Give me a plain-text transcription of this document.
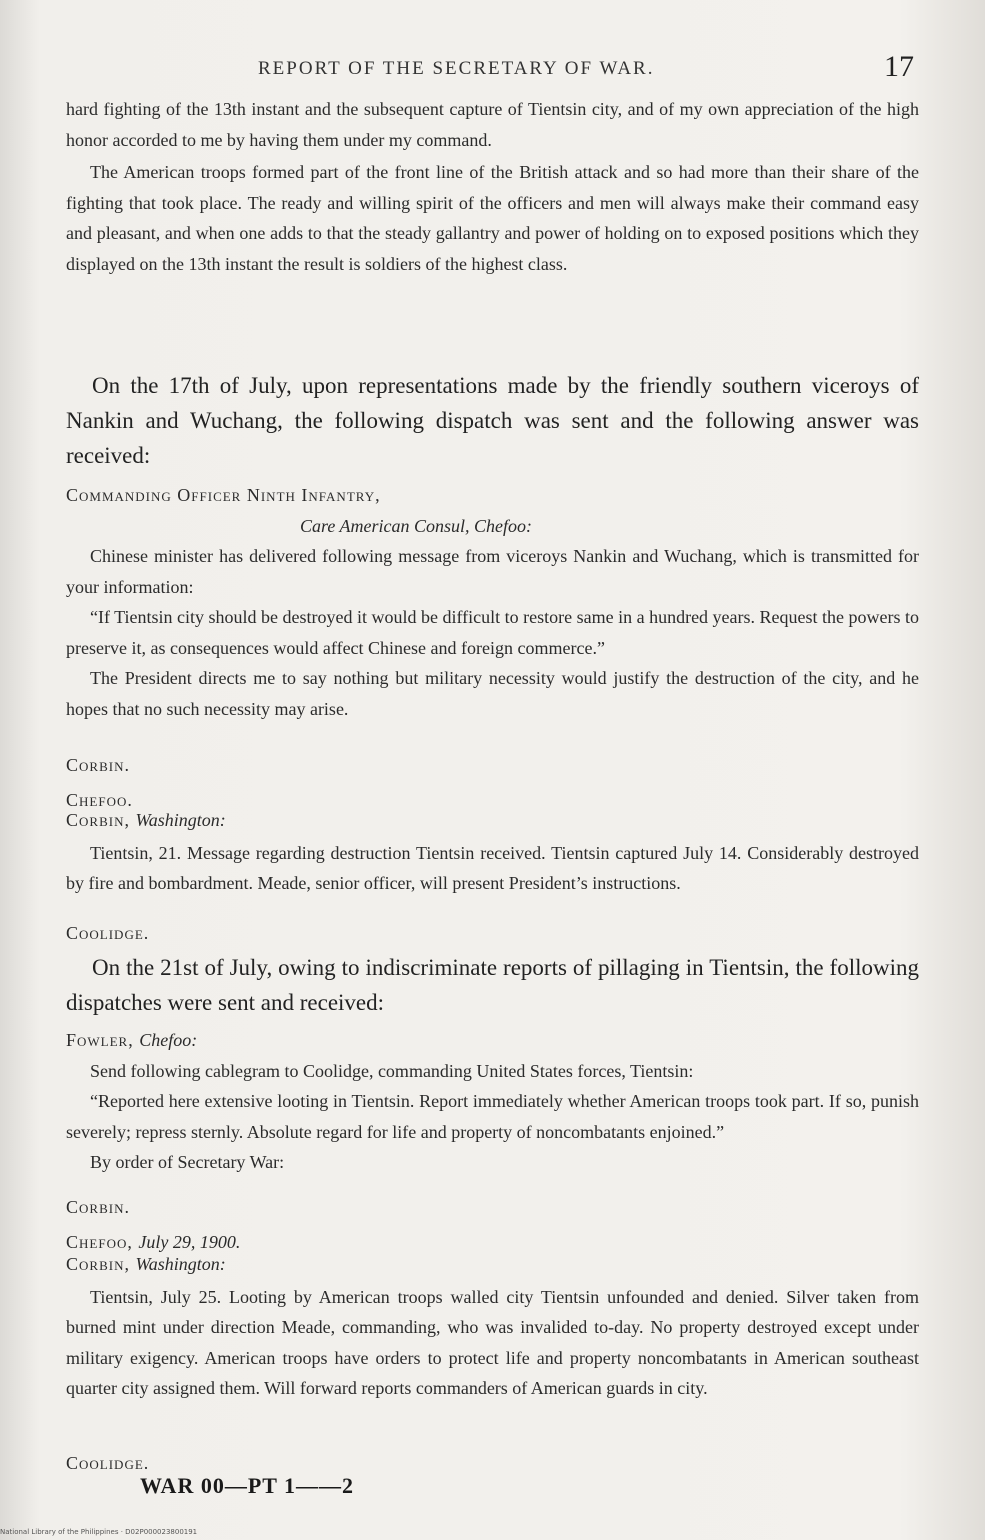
REPORT OF THE SECRETARY OF WAR.	17

hard fighting of the 13th instant and the subsequent capture of Tientsin city, and of my own appreciation of the high honor accorded to me by having them under my command.

The American troops formed part of the front line of the British attack and so had more than their share of the fighting that took place. The ready and willing spirit of the officers and men will always make their command easy and pleasant, and when one adds to that the steady gallantry and power of holding on to exposed positions which they displayed on the 13th instant the result is soldiers of the highest class.

On the 17th of July, upon representations made by the friendly southern viceroys of Nankin and Wuchang, the following dispatch was sent and the following answer was received:

Commanding Officer Ninth Infantry,

Care American Consul, Chefoo:

Chinese minister has delivered following message from viceroys Nankin and Wuchang, which is transmitted for your information:

“If Tientsin city should be destroyed it would be difficult to restore same in a hundred years. Request the powers to preserve it, as consequences would affect Chinese and foreign commerce.”

The President directs me to say nothing but military necessity would justify the destruction of the city, and he hopes that no such necessity may arise.

Corbin.

Chefoo.

Corbin, Washington:

Tientsin, 21. Message regarding destruction Tientsin received. Tientsin captured July 14. Considerably destroyed by fire and bombardment. Meade, senior officer, will present President’s instructions.

Coolidge.

On the 21st of July, owing to indiscriminate reports of pillaging in Tientsin, the following dispatches were sent and received:

Fowler, Chefoo:

Send following cablegram to Coolidge, commanding United States forces, Tientsin:

“Reported here extensive looting in Tientsin. Report immediately whether American troops took part. If so, punish severely; repress sternly. Absolute regard for life and property of noncombatants enjoined.”

By order of Secretary War:

Corbin.

Chefoo, July 29, 1900.

Corbin, Washington:

Tientsin, July 25. Looting by American troops walled city Tientsin unfounded and denied. Silver taken from burned mint under direction Meade, commanding, who was invalided to-day. No property destroyed except under military exigency. American troops have orders to protect life and property noncombatants in American southeast quarter city assigned them. Will forward reports commanders of American guards in city.

Coolidge.

WAR 00—PT 1——2
National Library of the Philippines · D02P000023800191
